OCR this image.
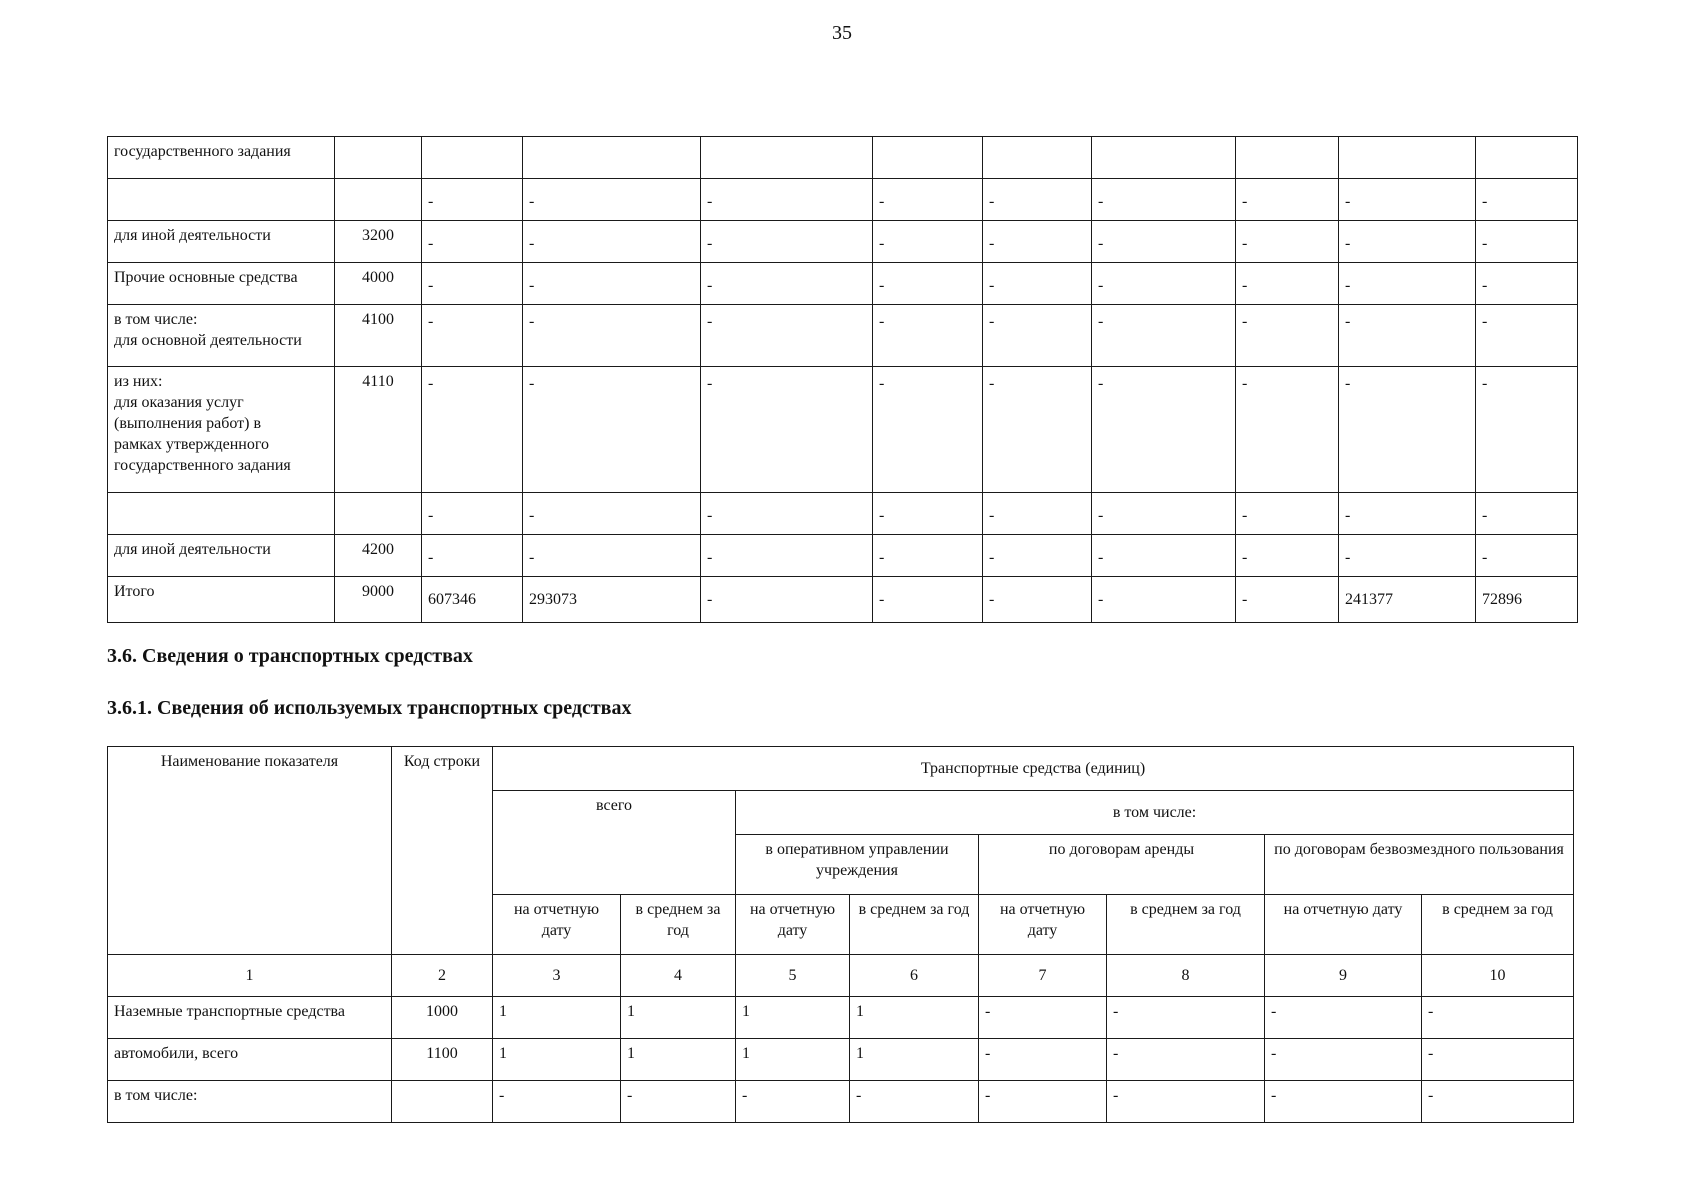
35
государственного задания										
		-	-	-	-	-	-	-	-	-
для иной деятельности	3200	-	-	-	-	-	-	-	-	-
Прочие основные средства	4000	-	-	-	-	-	-	-	-	-
в том числе:
для основной деятельности	4100	-	-	-	-	-	-	-	-	-
из них:
для оказания услуг
(выполнения работ) в
рамках утвержденного
государственного задания	4110	-	-	-	-	-	-	-	-	-
		-	-	-	-	-	-	-	-	-
для иной деятельности	4200	-	-	-	-	-	-	-	-	-
Итого	9000	607346	293073	-	-	-	-	-	241377	72896
3.6. Сведения о транспортных средствах
3.6.1. Сведения об используемых транспортных средствах
Наименование показателя	Код строки	Транспортные средства (единиц)							
		всего		в том числе:					
				в оперативном управлении учреждения		по договорам аренды		по договорам безвозмездного пользования	
		на отчетную дату	в среднем за год	на отчетную дату	в среднем за год	на отчетную дату	в среднем за год	на отчетную дату	в среднем за год
1	2	3	4	5	6	7	8	9	10
Наземные транспортные средства	1000	1	1	1	1	-	-	-	-
автомобили, всего	1100	1	1	1	1	-	-	-	-
в том числе:		-	-	-	-	-	-	-	-
